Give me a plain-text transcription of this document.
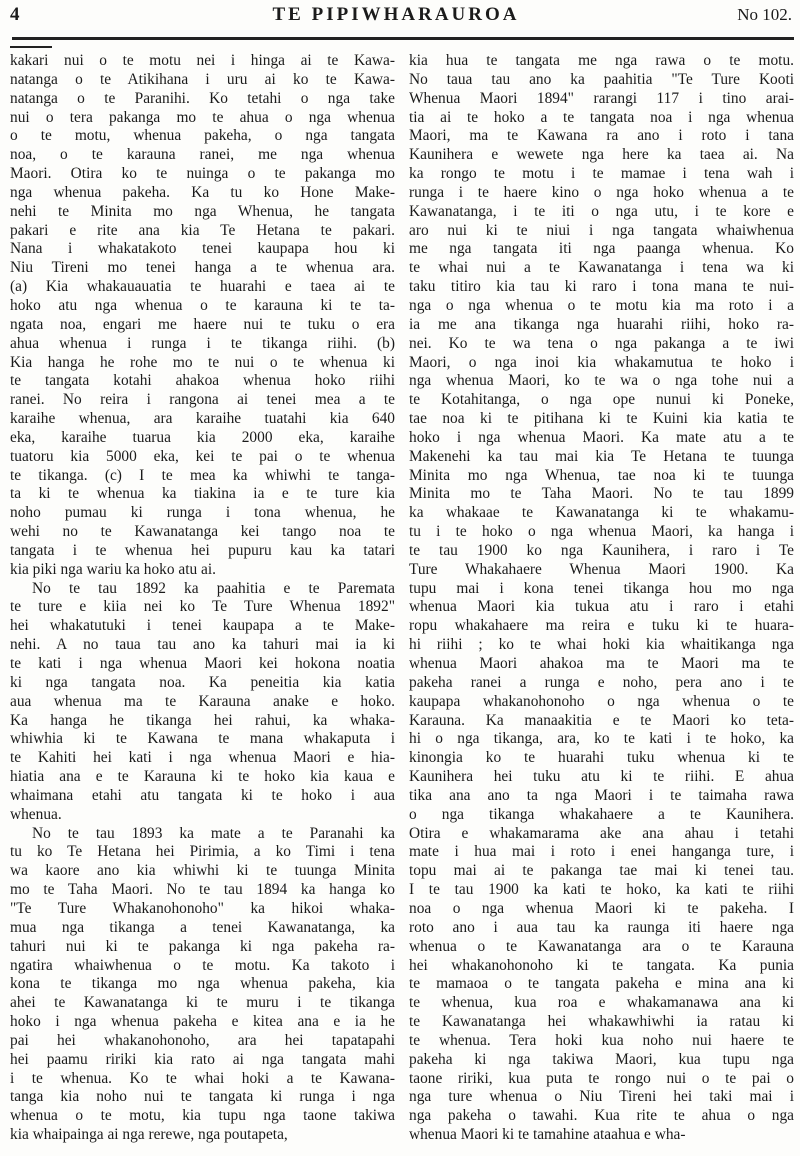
4	TE PIPIWHARAUROA	No 102.
kakari nui o te motu nei i hinga ai te Kawa-
natanga o te Atikihana i uru ai ko te Kawa-
natanga o te Paranihi. Ko tetahi o nga take
nui o tera pakanga mo te ahua o nga whenua
o te motu, whenua pakeha, o nga tangata
noa, o te karauna ranei, me nga whenua
Maori. Otira ko te nuinga o te pakanga mo
nga whenua pakeha. Ka tu ko Hone Make-
nehi te Minita mo nga Whenua, he tangata
pakari e rite ana kia Te Hetana te pakari.
Nana i whakatakoto tenei kaupapa hou ki
Niu Tireni mo tenei hanga a te whenua ara.
(a) Kia whakauauatia te huarahi e taea ai te
hoko atu nga whenua o te karauna ki te ta-
ngata noa, engari me haere nui te tuku o era
ahua whenua i runga i te tikanga riihi. (b)
Kia hanga he rohe mo te nui o te whenua ki
te tangata kotahi ahakoa whenua hoko riihi
ranei. No reira i rangona ai tenei mea a te
karaihe whenua, ara karaihe tuatahi kia 640
eka, karaihe tuarua kia 2000 eka, karaihe
tuatoru kia 5000 eka, kei te pai o te whenua
te tikanga. (c) I te mea ka whiwhi te tanga-
ta ki te whenua ka tiakina ia e te ture kia
noho pumau ki runga i tona whenua, he
wehi no te Kawanatanga kei tango noa te
tangata i te whenua hei pupuru kau ka tatari
kia piki nga wariu ka hoko atu ai.
No te tau 1892 ka paahitia e te Paremata
te ture e kiia nei ko Te Ture Whenua 1892"
hei whakatutuki i tenei kaupapa a te Make-
nehi. A no taua tau ano ka tahuri mai ia ki
te kati i nga whenua Maori kei hokona noatia
ki nga tangata noa. Ka peneitia kia katia
aua whenua ma te Karauna anake e hoko.
Ka hanga he tikanga hei rahui, ka whaka-
whiwhia ki te Kawana te mana whakaputa i
te Kahiti hei kati i nga whenua Maori e hia-
hiatia ana e te Karauna ki te hoko kia kaua e
whaimana etahi atu tangata ki te hoko i aua
whenua.
No te tau 1893 ka mate a te Paranahi ka
tu ko Te Hetana hei Pirimia, a ko Timi i tena
wa kaore ano kia whiwhi ki te tuunga Minita
mo te Taha Maori. No te tau 1894 ka hanga ko
"Te Ture Whakanohonoho" ka hikoi whaka-
mua nga tikanga a tenei Kawanatanga, ka
tahuri nui ki te pakanga ki nga pakeha ra-
ngatira whaiwhenua o te motu. Ka takoto i
kona te tikanga mo nga whenua pakeha, kia
ahei te Kawanatanga ki te muru i te tikanga
hoko i nga whenua pakeha e kitea ana e ia he
pai hei whakanohonoho, ara hei tapatapahi
hei paamu ririki kia rato ai nga tangata mahi
i te whenua. Ko te whai hoki a te Kawana-
tanga kia noho nui te tangata ki runga i nga
whenua o te motu, kia tupu nga taone takiwa
kia whaipainga ai nga rerewe, nga poutapeta,
kia hua te tangata me nga rawa o te motu.
No taua tau ano ka paahitia "Te Ture Kooti
Whenua Maori 1894" rarangi 117 i tino arai-
tia ai te hoko a te tangata noa i nga whenua
Maori, ma te Kawana ra ano i roto i tana
Kaunihera e wewete nga here ka taea ai. Na
ka rongo te motu i te mamae i tena wah i
runga i te haere kino o nga hoko whenua a te
Kawanatanga, i te iti o nga utu, i te kore e
aro nui ki te niui i nga tangata whaiwhenua
me nga tangata iti nga paanga whenua. Ko
te whai nui a te Kawanatanga i tena wa ki
taku titiro kia tau ki raro i tona mana te nui-
nga o nga whenua o te motu kia ma roto i a
ia me ana tikanga nga huarahi riihi, hoko ra-
nei. Ko te wa tena o nga pakanga a te iwi
Maori, o nga inoi kia whakamutua te hoko i
nga whenua Maori, ko te wa o nga tohe nui a
te Kotahitanga, o nga ope nunui ki Poneke,
tae noa ki te pitihana ki te Kuini kia katia te
hoko i nga whenua Maori. Ka mate atu a te
Makenehi ka tau mai kia Te Hetana te tuunga
Minita mo nga Whenua, tae noa ki te tuunga
Minita mo te Taha Maori. No te tau 1899
ka whakaae te Kawanatanga ki te whakamu-
tu i te hoko o nga whenua Maori, ka hanga i
te tau 1900 ko nga Kaunihera, i raro i Te
Ture Whakahaere Whenua Maori 1900. Ka
tupu mai i kona tenei tikanga hou mo nga
whenua Maori kia tukua atu i raro i etahi
ropu whakahaere ma reira e tuku ki te huara-
hi riihi ; ko te whai hoki kia whaitikanga nga
whenua Maori ahakoa ma te Maori ma te
pakeha ranei a runga e noho, pera ano i te
kaupapa whakanohonoho o nga whenua o te
Karauna. Ka manaakitia e te Maori ko teta-
hi o nga tikanga, ara, ko te kati i te hoko, ka
kinongia ko te huarahi tuku whenua ki te
Kaunihera hei tuku atu ki te riihi. E ahua
tika ana ano ta nga Maori i te taimaha rawa
o nga tikanga whakahaere a te Kaunihera.
Otira e whakamarama ake ana ahau i tetahi
mate i hua mai i roto i enei hanganga ture, i
topu mai ai te pakanga tae mai ki tenei tau.
I te tau 1900 ka kati te hoko, ka kati te riihi
noa o nga whenua Maori ki te pakeha. I
roto ano i aua tau ka raunga iti haere nga
whenua o te Kawanatanga ara o te Karauna
hei whakanohonoho ki te tangata. Ka punia
te mamaoa o te tangata pakeha e mina ana ki
te whenua, kua roa e whakamanawa ana ki
te Kawanatanga hei whakawhiwhi ia ratau ki
te whenua. Tera hoki kua noho nui haere te
pakeha ki nga takiwa Maori, kua tupu nga
taone ririki, kua puta te rongo nui o te pai o
nga ture whenua o Niu Tireni hei taki mai i
nga pakeha o tawahi. Kua rite te ahua o nga
whenua Maori ki te tamahine ataahua e wha-
